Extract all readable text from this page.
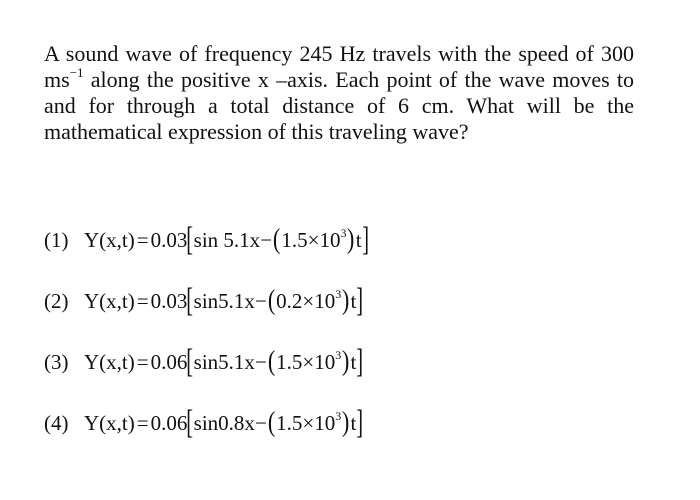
A sound wave of frequency 245 Hz travels with the speed of 300
$ms^{-1}$ along the positive x –axis. Each point of the wave moves to
and for through a total distance of 6 cm. What will be the
mathematical expression of this traveling wave?
(1) Y(x,t) = 0.03 [ sin 5.1x − ( $1.5\times 10^3$ ) t ]
(2) Y(x,t) = 0.03 [ sin5.1x − ( $0.2\times 10^3$ ) t ]
(3) Y(x,t) = 0.06 [ sin5.1x − ( $1.5\times 10^3$ ) t ]
(4) Y(x,t) = 0.06 [ sin0.8x − ( $1.5\times 10^3$ ) t ]
